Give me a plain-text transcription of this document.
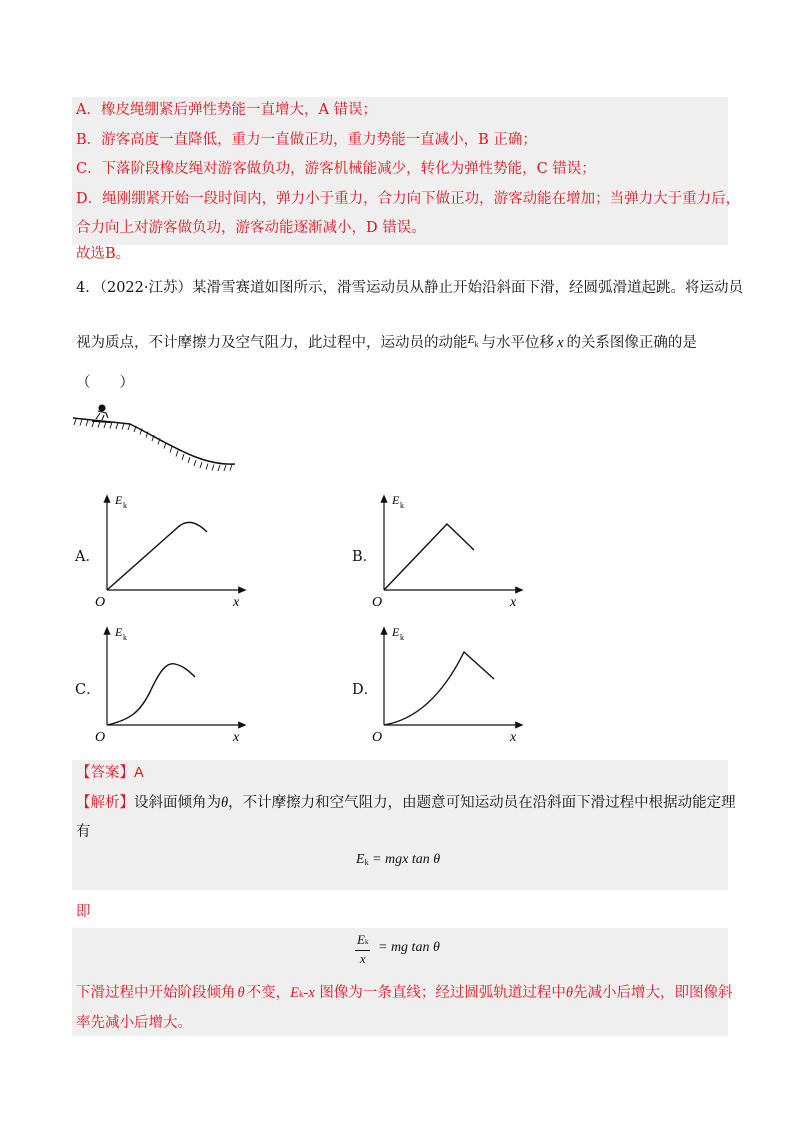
A．橡皮绳绷紧后弹性势能一直增大，A 错误；
B．游客高度一直降低，重力一直做正功，重力势能一直减小，B 正确；
C．下落阶段橡皮绳对游客做负功，游客机械能减少，转化为弹性势能，C 错误；
D．绳刚绷紧开始一段时间内，弹力小于重力，合力向下做正功，游客动能在增加；当弹力大于重力后，
合力向上对游客做负功，游客动能逐渐减小，D 错误。
故选B。
4．（2022·江苏）某滑雪赛道如图所示，滑雪运动员从静止开始沿斜面下滑，经圆弧滑道起跳。将运动员
视为质点，不计摩擦力及空气阻力，此过程中，运动员的动能 E k 与水平位移 x 的关系图像正确的是
（　　）
A．
E k
x
O
B．
E k
x
O
C．
E k
x
O
D．
E k
x
O
【答案】A
【解析】设斜面倾角为θ，不计摩擦力和空气阻力，由题意可知运动员在沿斜面下滑过程中根据动能定理
有
Ek = mgx tan θ
即
$\frac{Ek}{x}$ = mg tan θ
下滑过程中开始阶段倾角 θ 不变，Ek-x 图像为一条直线；经过圆弧轨道过程中θ先减小后增大，即图像斜
率先减小后增大。
